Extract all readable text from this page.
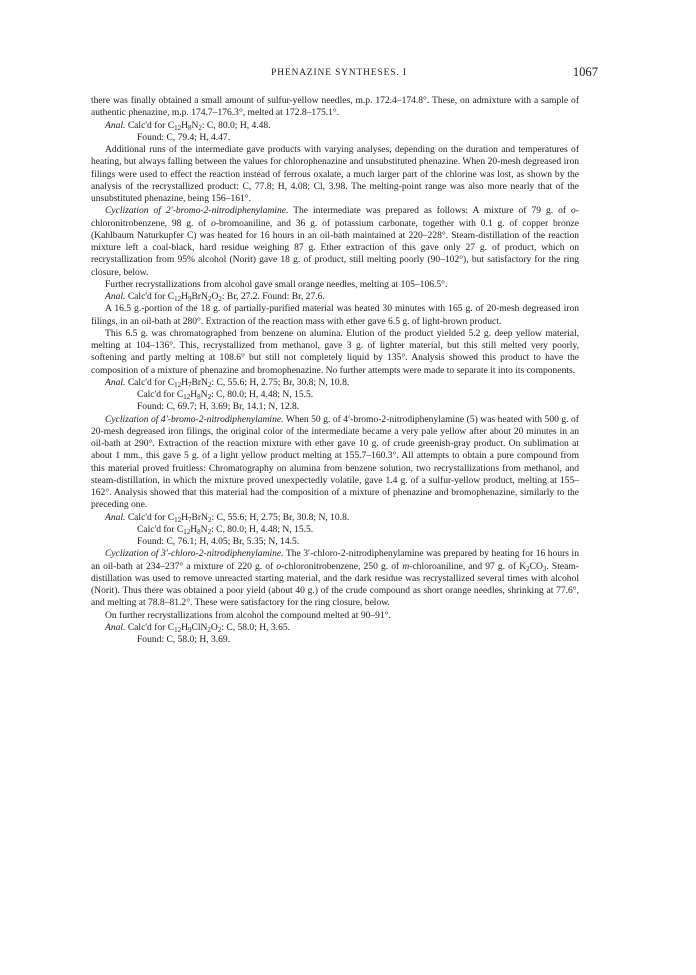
PHENAZINE SYNTHESES. I	1067

there was finally obtained a small amount of sulfur-yellow needles, m.p. 172.4–174.8°. These, on admixture with a sample of authentic phenazine, m.p. 174.7–176.3°, melted at 172.8–175.1°.

Anal. Calc'd for $C_{12}H_8N_2$: C, 80.0; H, 4.48.

Found: C, 79.4; H, 4.47.

Additional runs of the intermediate gave products with varying analyses, depending on the duration and temperatures of heating, but always falling between the values for chlorophenazine and unsubstituted phenazine. When 20-mesh degreased iron filings were used to effect the reaction instead of ferrous oxalate, a much larger part of the chlorine was lost, as shown by the analysis of the recrystallized product: C, 77.8; H, 4.08; Cl, 3.98. The melting-point range was also more nearly that of the unsubstituted phenazine, being 156–161°.

Cyclization of 2′-bromo-2-nitrodiphenylamine. The intermediate was prepared as follows: A mixture of 79 g. of o-chloronitrobenzene, 98 g. of o-bromoaniline, and 36 g. of potassium carbonate, together with 0.1 g. of copper bronze (Kahlbaum Naturkupfer C) was heated for 16 hours in an oil-bath maintained at 220–228°. Steam-distillation of the reaction mixture left a coal-black, hard residue weighing 87 g. Ether extraction of this gave only 27 g. of product, which on recrystallization from 95% alcohol (Norit) gave 18 g. of product, still melting poorly (90–102°), but satisfactory for the ring closure, below.

Further recrystallizations from alcohol gave small orange needles, melting at 105–106.5°.

Anal. Calc'd for $C_{12}H_9BrN_2O_2$: Br, 27.2. Found: Br, 27.6.

A 16.5 g.-portion of the 18 g. of partially-purified material was heated 30 minutes with 165 g. of 20-mesh degreased iron filings, in an oil-bath at 280°. Extraction of the reaction mass with ether gave 6.5 g. of light-brown product.

This 6.5 g. was chromatographed from benzene on alumina. Elution of the product yielded 5.2 g. deep yellow material, melting at 104–136°. This, recrystallized from methanol, gave 3 g. of lighter material, but this still melted very poorly, softening and partly melting at 108.6° but still not completely liquid by 135°. Analysis showed this product to have the composition of a mixture of phenazine and bromophenazine. No further attempts were made to separate it into its components.

Anal. Calc'd for $C_{12}H_7BrN_2$: C, 55.6; H, 2.75; Br, 30.8; N, 10.8.

Calc'd for $C_{12}H_8N_2$: C, 80.0; H, 4.48; N, 15.5.

Found: C, 69.7; H, 3.69; Br, 14.1; N, 12.8.

Cyclization of 4′-bromo-2-nitrodiphenylamine. When 50 g. of 4′-bromo-2-nitrodiphenylamine (5) was heated with 500 g. of 20-mesh degreased iron filings, the original color of the intermediate became a very pale yellow after about 20 minutes in an oil-bath at 290°. Extraction of the reaction mixture with ether gave 10 g. of crude greenish-gray product. On sublimation at about 1 mm., this gave 5 g. of a light yellow product melting at 155.7–160.3°. All attempts to obtain a pure compound from this material proved fruitless: Chromatography on alumina from benzene solution, two recrystallizations from methanol, and steam-distillation, in which the mixture proved unexpectedly volatile, gave 1.4 g. of a sulfur-yellow product, melting at 155–162°. Analysis showed that this material had the composition of a mixture of phenazine and bromophenazine, similarly to the preceding one.

Anal. Calc'd for $C_{12}H_7BrN_2$: C, 55.6; H, 2.75; Br, 30.8; N, 10.8.

Calc'd for $C_{12}H_8N_2$: C, 80.0; H, 4.48; N, 15.5.

Found: C, 76.1; H, 4.05; Br, 5.35; N, 14.5.

Cyclization of 3′-chloro-2-nitrodiphenylamine. The 3′-chloro-2-nitrodiphenylamine was prepared by heating for 16 hours in an oil-bath at 234–237° a mixture of 220 g. of o-chloronitrobenzene, 250 g. of m-chloroaniline, and 97 g. of $K_2CO_3$. Steam-distillation was used to remove unreacted starting material, and the dark residue was recrystallized several times with alcohol (Norit). Thus there was obtained a poor yield (about 40 g.) of the crude compound as short orange needles, shrinking at 77.6°, and melting at 78.8–81.2°. These were satisfactory for the ring closure, below.

On further recrystallizations from alcohol the compound melted at 90–91°.

Anal. Calc'd for $C_{12}H_9ClN_2O_2$: C, 58.0; H, 3.65.

Found: C, 58.0; H, 3.69.
